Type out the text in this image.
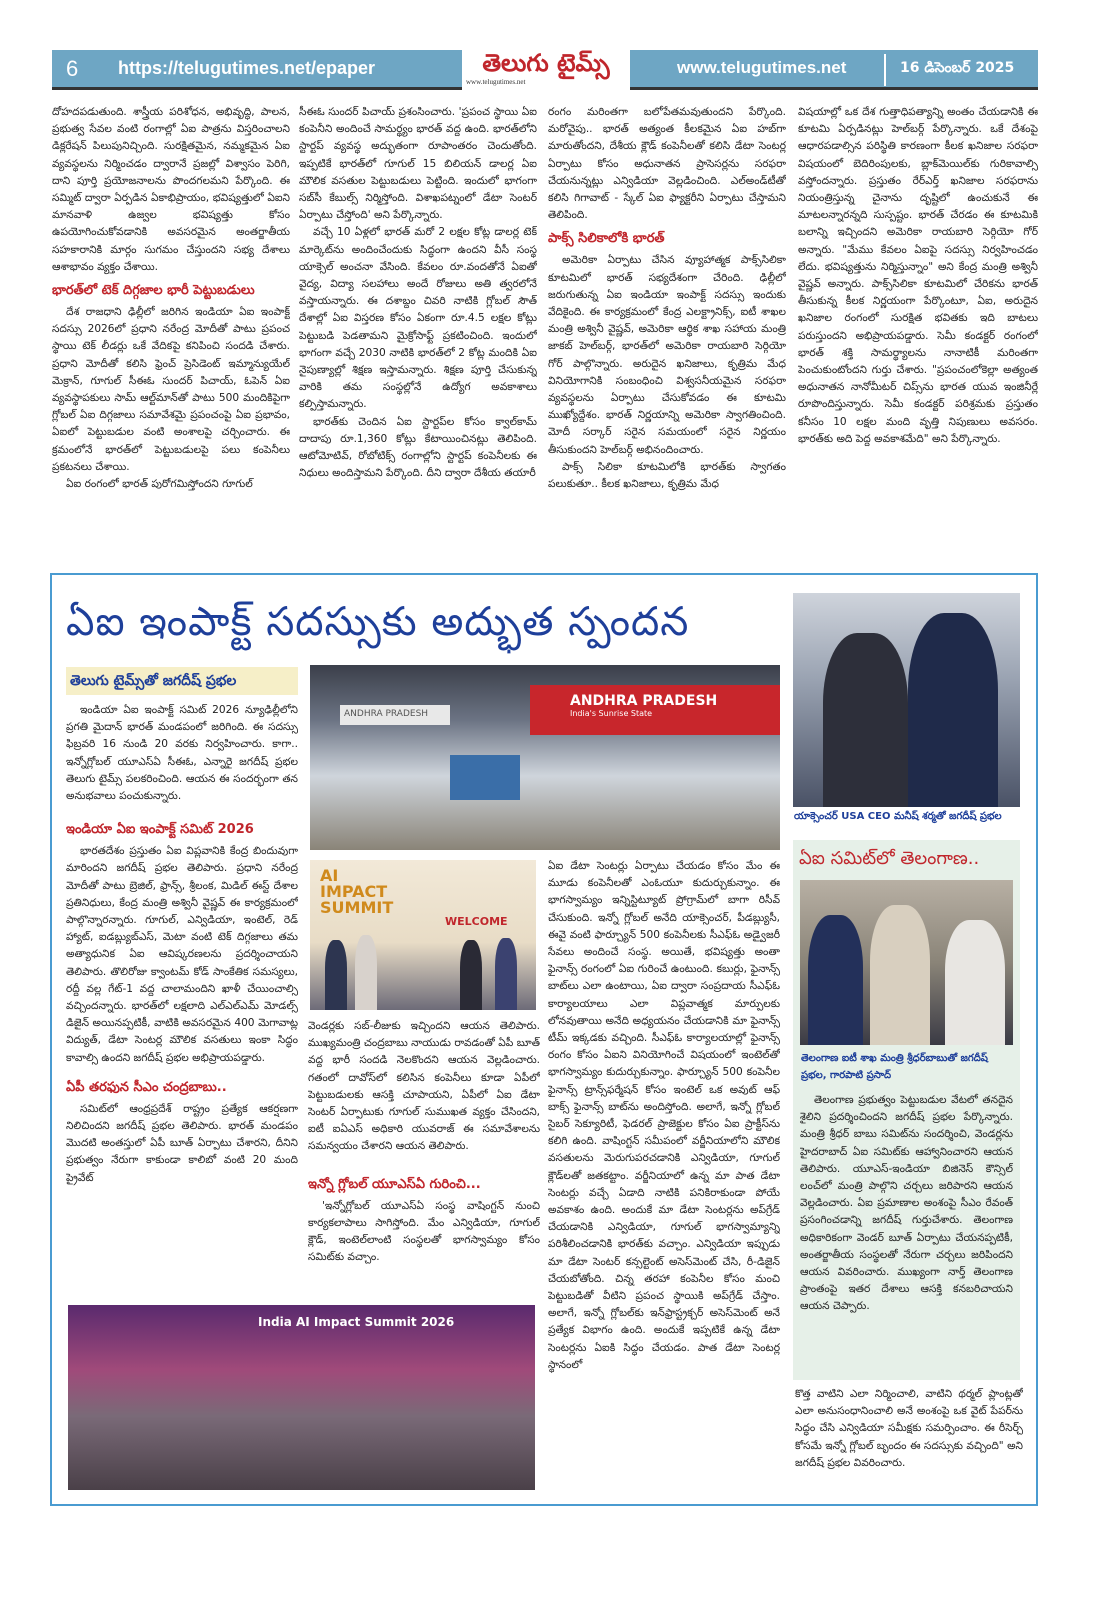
6 https://telugutimes.net/epaper	తెలుగు టైమ్స్
www.telugutimes.net
www.telugutimes.net	16 డిసెంబర్ 2025

దోహదపడుతుంది. శాస్త్రీయ పరిశోధన, అభివృద్ధి, పాలన, ప్రభుత్వ సేవల వంటి రంగాల్లో ఏఐ పాత్రను విస్తరించాలని డిక్లరేషన్ పిలుపునిచ్చింది. సురక్షితమైన, నమ్మకమైన ఏఐ వ్యవస్థలను నిర్మించడం ద్వారానే ప్రజల్లో విశ్వాసం పెరిగి, దాని పూర్తి ప్రయోజనాలను పొందగలమని పేర్కొంది. ఈ సమ్మిట్ ద్వారా ఏర్పడిన ఏకాభిప్రాయం, భవిష్యత్తులో ఏఐని మానవాళి ఉజ్వల భవిష్యత్తు కోసం ఉపయోగించుకోవడానికి అవసరమైన అంతర్జాతీయ సహకారానికి మార్గం సుగమం చేస్తుందని సభ్య దేశాలు ఆశాభావం వ్యక్తం చేశాయి.

భారత్‌లో టెక్ దిగ్గజాల భారీ పెట్టుబడులు

దేశ రాజధాని ఢిల్లీలో జరిగిన ఇండియా ఏఐ ఇంపాక్ట్ సదస్సు 2026లో ప్రధాని నరేంద్ర మోదీతో పాటు ప్రపంచ స్థాయి టెక్ లీడర్లు ఒకే వేదికపై కనిపించి సందడి చేశారు. ప్రధాని మోదీతో కలిసి ఫ్రెంచ్ ప్రెసిడెంట్ ఇమ్మాన్యుయేల్ మెక్రాన్, గూగుల్ సీఈఓ సుందర్ పిచాయ్, ఓపెన్ ఏఐ వ్యవస్థాపకులు సామ్ ఆల్ట్‌మాన్‌తో పాటు 500 మందికిపైగా గ్లోబల్ ఏఐ దిగ్గజాలు సమావేశమై ప్రపంచంపై ఏఐ ప్రభావం, ఏఐలో పెట్టుబడుల వంటి అంశాలపై చర్చించారు. ఈ క్రమంలోనే భారత్‌లో పెట్టుబడులపై పలు కంపెనీలు ప్రకటనలు చేశాయి.

ఏఐ రంగంలో భారత్ పురోగమిస్తోందని గూగుల్

సీఈఓ సుందర్ పిచాయ్ ప్రశంసించారు. 'ప్రపంచ స్థాయి ఏఐ కంపెనీని అందించే సామర్థ్యం భారత్ వద్ద ఉంది. భారత్‌లోని స్టార్టప్ వ్యవస్థ అద్భుతంగా రూపాంతరం చెందుతోంది. ఇప్పటికే భారత్‌లో గూగుల్ 15 బిలియన్ డాలర్ల ఏఐ మౌలిక వసతుల పెట్టుబడులు పెట్టింది. ఇందులో భాగంగా సబ్‌సీ కేబుల్స్ నిర్మిస్తోంది. విశాఖపట్నంలో డేటా సెంటర్ ఏర్పాటు చేస్తోంది' అని పేర్కొన్నారు.

వచ్చే 10 ఏళ్లలో భారత్ మరో 2 లక్షల కోట్ల డాలర్ల టెక్ మార్కెట్‌ను అందించేందుకు సిద్ధంగా ఉందని వీసీ సంస్థ యాక్సెల్ అంచనా వేసింది. కేవలం రూ.వందతోనే ఏఐతో వైద్య, విద్యా సలహాలు అందే రోజులు అతి త్వరలోనే వస్తాయన్నారు. ఈ దశాబ్దం చివరి నాటికి గ్లోబల్ సౌత్ దేశాల్లో ఏఐ విస్తరణ కోసం ఏకంగా రూ.4.5 లక్షల కోట్లు పెట్టుబడి పెడతామని మైక్రోసాఫ్ట్ ప్రకటించింది. ఇందులో భాగంగా వచ్చే 2030 నాటికి భారత్‌లో 2 కోట్ల మందికి ఏఐ నైపుణ్యాల్లో శిక్షణ ఇస్తామన్నారు. శిక్షణ పూర్తి చేసుకున్న వారికి తమ సంస్థల్లోనే ఉద్యోగ అవకాశాలు కల్పిస్తామన్నారు.

భారత్‌కు చెందిన ఏఐ స్టార్టప్‌ల కోసం క్వాల్‌కామ్ దాదాపు రూ.1,360 కోట్లు కేటాయించినట్లు తెలిపింది. ఆటోమోటివ్, రోబోటిక్స్ రంగాల్లోని స్టార్టప్ కంపెనీలకు ఈ నిధులు అందిస్తామని పేర్కొంది. దీని ద్వారా దేశీయ తయారీ

రంగం మరింతగా బలోపేతమవుతుందని పేర్కొంది. మరోవైపు.. భారత్ అత్యంత కీలకమైన ఏఐ హబ్‌గా మారుతోందని, దేశీయ క్లౌడ్ కంపెనీలతో కలిసి డేటా సెంటర్ల ఏర్పాటు కోసం అధునాతన ప్రాసెసర్లను సరఫరా చేయనున్నట్లు ఎన్విడియా వెల్లడించింది. ఎల్‌అండ్‌టీతో కలిసి గిగావాట్ - స్కేల్ ఏఐ ఫ్యాక్టరీని ఏర్పాటు చేస్తామని తెలిపింది.

పాక్స్ సిలికాలోకి భారత్

అమెరికా ఏర్పాటు చేసిన వ్యూహాత్మక పాక్స్‌సిలికా కూటమిలో భారత్ సభ్యదేశంగా చేరింది. ఢిల్లీలో జరుగుతున్న ఏఐ ఇండియా ఇంపాక్ట్ సదస్సు ఇందుకు వేదికైంది. ఈ కార్యక్రమంలో కేంద్ర ఎలక్ట్రానిక్స్, ఐటీ శాఖల మంత్రి అశ్వినీ వైష్ణవ్, అమెరికా ఆర్థిక శాఖ సహాయ మంత్రి జాకబ్ హెల్‌బర్గ్, భారత్‌లో అమెరికా రాయబారి సెర్గియో గోర్ పాల్గొన్నారు. అరుదైన ఖనిజాలు, కృత్రిమ మేధ వినియోగానికి సంబంధించి విశ్వసనీయమైన సరఫరా వ్యవస్థలను ఏర్పాటు చేసుకోవడం ఈ కూటమి ముఖ్యోద్దేశం. భారత్ నిర్ణయాన్ని అమెరికా స్వాగతించింది. మోదీ సర్కార్ సరైన సమయంలో సరైన నిర్ణయం తీసుకుందని హెల్‌బర్గ్ అభినందించారు.

పాక్స్ సిలికా కూటమిలోకి భారత్‌కు స్వాగతం పలుకుతూ.. కీలక ఖనిజాలు, కృత్రిమ మేధ

విషయాల్లో ఒక దేశ గుత్తాధిపత్యాన్ని అంతం చేయడానికి ఈ కూటమి ఏర్పడినట్లు హెల్‌బర్గ్ పేర్కొన్నారు. ఒకే దేశంపై ఆధారపడాల్సిన పరిస్థితి కారణంగా కీలక ఖనిజాల సరఫరా విషయంలో బెదిరింపులకు, బ్లాక్‌మెయిల్‌కు గురికావాల్సి వస్తోందన్నారు. ప్రస్తుతం రేర్‌ఎర్త్ ఖనిజాల సరఫరాను నియంత్రిస్తున్న చైనాను దృష్టిలో ఉంచుకునే ఈ మాటలన్నారన్నది సుస్పష్టం. భారత్ చేరడం ఈ కూటమికి బలాన్ని ఇచ్చిందని అమెరికా రాయబారి సెర్గియో గోర్ అన్నారు. "మేము కేవలం ఏఐపై సదస్సు నిర్వహించడం లేదు. భవిష్యత్తును నిర్మిస్తున్నాం" అని కేంద్ర మంత్రి అశ్వినీ వైష్ణవ్ అన్నారు. పాక్స్‌సిలికా కూటమిలో చేరికను భారత్ తీసుకున్న కీలక నిర్ణయంగా పేర్కొంటూ, ఏఐ, అరుదైన ఖనిజాల రంగంలో సురక్షిత భవితకు ఇది బాటలు పరుస్తుందని అభిప్రాయపడ్డారు. సెమీ కండక్టర్ రంగంలో భారత్ శక్తి సామర్థ్యాలను నానాటికీ మరింతగా పెంచుకుంటోందని గుర్తు చేశారు. "ప్రపంచంలోకెల్లా అత్యంత అధునాతన నానోమీటర్ చిప్స్‌ను భారత యువ ఇంజినీర్లే రూపొందిస్తున్నారు. సెమీ కండక్టర్ పరిశ్రమకు ప్రస్తుతం కనీసం 10 లక్షల మంది వృత్తి నిపుణులు అవసరం. భారత్‌కు అది పెద్ద అవకాశమేది" అని పేర్కొన్నారు.

ఏఐ ఇంపాక్ట్ సదస్సుకు అద్భుత స్పందన
తెలుగు టైమ్స్‌తో జగదీష్ ప్రభల

ఇండియా ఏఐ ఇంపాక్ట్ సమిట్ 2026 న్యూఢిల్లీలోని ప్రగతి మైదాన్ భారత్ మండపంలో జరిగింది. ఈ సదస్సు ఫిబ్రవరి 16 నుండి 20 వరకు నిర్వహించారు. కాగా.. ఇన్నోగ్లోబల్ యూఎస్‌ఏ సీఈఓ, ఎన్నారై జగదీష్ ప్రభల తెలుగు టైమ్స్ పలకరించింది. ఆయన ఈ సందర్భంగా తన అనుభవాలు పంచుకున్నారు.

ఇండియా ఏఐ ఇంపాక్ట్ సమిట్ 2026

భారతదేశం ప్రస్తుతం ఏఐ విప్లవానికి కేంద్ర బిందువుగా మారిందని జగదీష్ ప్రభల తెలిపారు. ప్రధాని నరేంద్ర మోదీతో పాటు బ్రెజిల్, ఫ్రాన్స్, శ్రీలంక, మిడిల్ ఈస్ట్ దేశాల ప్రతినిధులు, కేంద్ర మంత్రి అశ్వినీ వైష్ణవ్ ఈ కార్యక్రమంలో పాల్గొన్నారన్నారు. గూగుల్, ఎన్విడియా, ఇంటెల్, రెడ్ హ్యాట్, ఐడబ్ల్యుబ్‌ఎస్, మెటా వంటి టెక్ దిగ్గజాలు తమ అత్యాధునిక ఏఐ ఆవిష్కరణలను ప్రదర్శించాయని తెలిపారు. తొలిరోజు క్వాంటమ్ కోడ్ సాంకేతిక సమస్యలు, రద్దీ వల్ల గేట్-1 వద్ద చాలామందిని ఖాళీ చేయించాల్సి వచ్చిందన్నారు. భారత్‌లో లక్షలాది ఎల్‌ఎల్‌ఎమ్ మోడల్స్ డిజైన్ అయినప్పటికీ, వాటికి అవసరమైన 400 మెగావాట్ల విద్యుత్, డేటా సెంటర్ల మౌలిక వసతులు ఇంకా సిద్ధం కావాల్సి ఉందని జగదీష్ ప్రభల అభిప్రాయపడ్డారు.

ఏపీ తరఫున సీఎం చంద్రబాబు..

సమిట్‌లో ఆంధ్రప్రదేశ్ రాష్ట్రం ప్రత్యేక ఆకర్షణగా నిలిచిందని జగదీష్ ప్రభల తెలిపారు. భారత్ మండపం మొదటి అంతస్తులో ఏపీ బూత్ ఏర్పాటు చేశారని, దీనిని ప్రభుత్వం నేరుగా కాకుండా కాలిబో వంటి 20 మంది ప్రైవేట్

ANDHRA PRADESH
India's Sunrise State
ANDHRA PRADESH
AI IMPACT SUMMIT
WELCOME

వెండర్లకు సబ్-లీజుకు ఇచ్చిందని ఆయన తెలిపారు. ముఖ్యమంత్రి చంద్రబాబు నాయుడు రావడంతో ఏపీ బూత్ వద్ద భారీ సందడి నెలకొందని ఆయన వెల్లడించారు. గతంలో దావోస్‌లో కలిసిన కంపెనీలు కూడా ఏపీలో పెట్టుబడులకు ఆసక్తి చూపాయని, ఏపీలో ఏఐ డేటా సెంటర్ ఏర్పాటుకు గూగుల్ సుముఖత వ్యక్తం చేసిందని, ఐటీ ఐఏఎస్ అధికారి యువరాజ్ ఈ సమావేశాలను సమన్వయం చేశారని ఆయన తెలిపారు.

ఇన్నో గ్లోబల్ యూఎస్‌ఏ గురించి...

'ఇన్నోగ్లోబల్ యూఎస్‌ఏ సంస్థ వాషింగ్టన్ నుంచి కార్యకలాపాలు సాగిస్తోంది. మేం ఎన్విడియా, గూగుల్ క్లౌడ్, ఇంటెల్‌లాంటి సంస్థలతో భాగస్వామ్యం కోసం సమిట్‌కు వచ్చాం.

India AI Impact Summit 2026

ఏఐ డేటా సెంటర్లు ఏర్పాటు చేయడం కోసం మేం ఈ మూడు కంపెనీలతో ఎంఓయూ కుదుర్చుకున్నాం. ఈ భాగస్వామ్యం ఇన్నిస్టిట్యూట్ ప్రోగ్రామ్‌లో బాగా రిసీవ్ చేసుకుంది. ఇన్నో గ్లోబల్ అనేది యాక్సెంచర్, పీడబ్ల్యుసీ, ఈవై వంటి ఫార్చ్యూన్ 500 కంపెనీలకు సీఎఫ్‌ఓ అడ్వైజరీ సేవలు అందించే సంస్థ. అయితే, భవిష్యత్తు అంతా ఫైనాన్స్ రంగంలో ఏఐ గురించే ఉంటుంది. కబుర్లు, ఫైనాన్స్ బాట్‌లు ఎలా ఉంటాయి, ఏఐ ద్వారా సంప్రదాయ సీఎఫ్‌ఓ కార్యాలయాలు ఎలా విప్లవాత్మక మార్పులకు లోనవుతాయి అనేది అధ్యయనం చేయడానికి మా ఫైనాన్స్ టీమ్ ఇక్కడకు వచ్చింది. సీఎఫ్‌ఓ కార్యాలయాల్లో ఫైనాన్స్ రంగం కోసం ఏఐని వినియోగించే విషయంలో ఇంటెల్‌తో భాగస్వామ్యం కుదుర్చుకున్నాం. ఫార్చ్యూన్ 500 కంపెనీల ఫైనాన్స్ ట్రాన్స్‌ఫర్మేషన్ కోసం ఇంటెల్ ఒక అవుట్ ఆఫ్ బాక్స్ ఫైనాన్స్ బాట్‌ను అందిస్తోంది. అలాగే, ఇన్నో గ్లోబల్ సైబర్ సెక్యూరిటీ, ఫెడరల్ ప్రాజెక్టుల కోసం ఏఐ ప్రాక్టీస్‌ను కలిగి ఉంది. వాషింగ్టన్ సమీపంలో వర్జీనియాలోని మౌలిక వసతులను మెరుగుపరచడానికి ఎన్విడియా, గూగుల్ క్లౌడ్‌లతో జతకట్టాం. వర్జీనియాలో ఉన్న మా పాత డేటా సెంటర్లు వచ్చే ఏడాది నాటికి పనికిరాకుండా పోయే అవకాశం ఉంది. అందుకే మా డేటా సెంటర్లను అప్‌గ్రేడ్ చేయడానికి ఎన్విడియా, గూగుల్ భాగస్వామ్యాన్ని పరిశీలించడానికి భారత్‌కు వచ్చాం. ఎన్విడియా ఇప్పుడు మా డేటా సెంటర్ కన్సల్టెంట్ అసెస్‌మెంట్ చేసి, రీ-డిజైన్ చేయబోతోంది. చిన్న తరహా కంపెనీల కోసం మంచి పెట్టుబడితో వీటిని ప్రపంచ స్థాయికి అప్‌గ్రేడ్ చేస్తాం. అలాగే, ఇన్నో గ్లోబల్‌కు ఇన్‌ఫ్రాస్ట్రక్చర్ అసెస్‌మెంట్ అనే ప్రత్యేక విభాగం ఉంది. అందుకే ఇప్పటికే ఉన్న డేటా సెంటర్లను ఏఐకి సిద్ధం చేయడం. పాత డేటా సెంటర్ల స్థానంలో

యాక్సెంచర్ USA CEO మనీష్ శర్మతో జగదీష్ ప్రభల
ఏఐ సమిట్‌లో తెలంగాణ..
తెలంగాణ ఐటీ శాఖ మంత్రి శ్రీధర్‌బాబుతో జగదీష్ ప్రభల, గారపాటి ప్రసాద్

తెలంగాణ ప్రభుత్వం పెట్టుబడుల వేటలో తనదైన శైలిని ప్రదర్శించిందని జగదీష్ ప్రభల పేర్కొన్నారు. మంత్రి శ్రీధర్ బాబు సమిట్‌ను సందర్శించి, వెండర్లను హైదరాబాద్ ఏఐ సమిట్‌కు ఆహ్వానించారని ఆయన తెలిపారు. యూఎస్-ఇండియా బిజినెస్ కౌన్సిల్ లంచ్‌లో మంత్రి పాల్గొని చర్చలు జరిపారని ఆయన వెల్లడించారు. ఏఐ ప్రమాణాల అంశంపై సీఎం రేవంత్ ప్రసంగించడాన్ని జగదీష్ గుర్తుచేశారు. తెలంగాణ అధికారికంగా వెండర్ బూత్ ఏర్పాటు చేయనప్పటికీ, అంతర్జాతీయ సంస్థలతో నేరుగా చర్చలు జరిపిందని ఆయన వివరించారు. ముఖ్యంగా నార్త్ తెలంగాణ ప్రాంతంపై ఇతర దేశాలు ఆసక్తి కనబరిచాయని ఆయన చెప్పారు.

కొత్త వాటిని ఎలా నిర్మించాలి, వాటిని థర్మల్ ప్లాంట్లతో ఎలా అనుసంధానించాలి అనే అంశంపై ఒక వైట్ పేపర్‌ను సిద్ధం చేసి ఎన్విడియా సమీక్షకు సమర్పించాం. ఈ రీసెర్చ్ కోసమే ఇన్నో గ్లోబల్ బృందం ఈ సదస్సుకు వచ్చింది" అని జగదీష్ ప్రభల వివరించారు.
